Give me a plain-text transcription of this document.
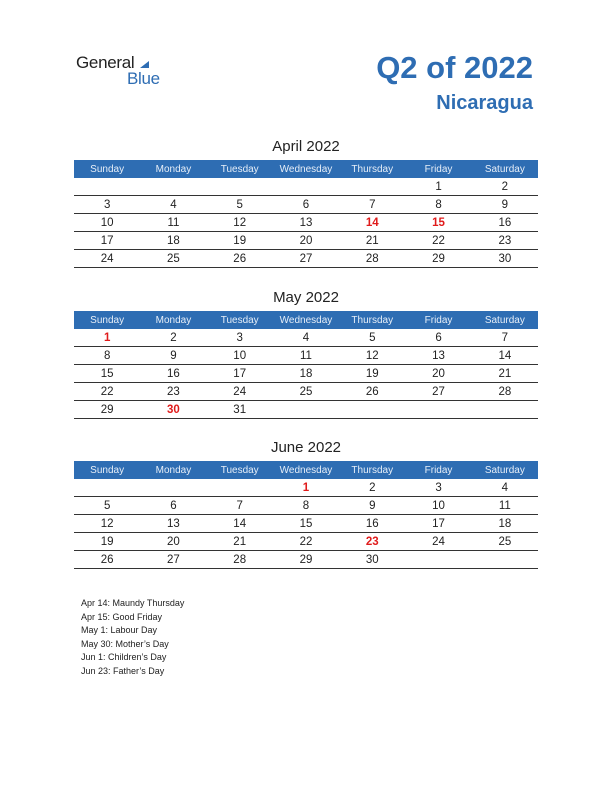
General
Blue	Q2 of 2022
Nicaragua
April 2022
Sunday	Monday	Tuesday	Wednesday	Thursday	Friday	Saturday
					1	2
3	4	5	6	7	8	9
10	11	12	13	14	15	16
17	18	19	20	21	22	23
24	25	26	27	28	29	30
May 2022
Sunday	Monday	Tuesday	Wednesday	Thursday	Friday	Saturday
1	2	3	4	5	6	7
8	9	10	11	12	13	14
15	16	17	18	19	20	21
22	23	24	25	26	27	28
29	30	31				
June 2022
Sunday	Monday	Tuesday	Wednesday	Thursday	Friday	Saturday
			1	2	3	4
5	6	7	8	9	10	11
12	13	14	15	16	17	18
19	20	21	22	23	24	25
26	27	28	29	30		
Apr 14: Maundy Thursday
Apr 15: Good Friday
May 1: Labour Day
May 30: Mother’s Day
Jun 1: Children’s Day
Jun 23: Father’s Day
